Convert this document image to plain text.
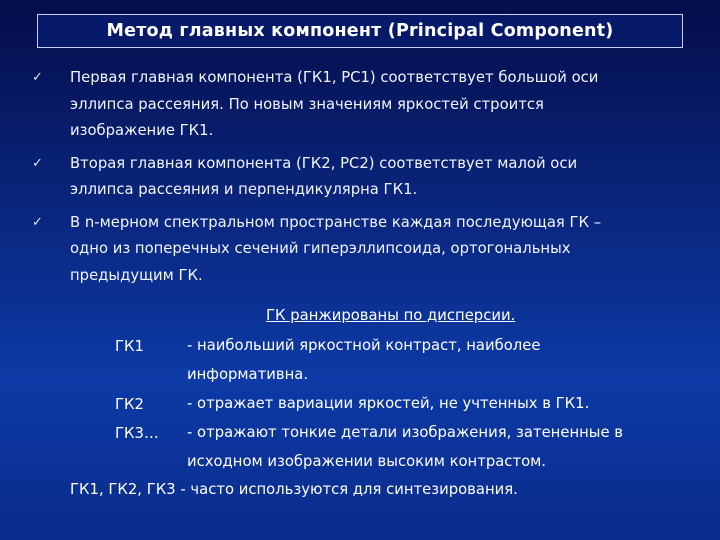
Метод главных компонент (Principal Component)
✓ Первая главная компонента (ГК1, PC1) соответствует большой оси
эллипса рассеяния. По новым значениям яркостей строится
изображение ГК1.
✓ Вторая главная компонента (ГК2, PC2) соответствует малой оси
эллипса рассеяния и перпендикулярна ГК1.
✓ В n-мерном спектральном пространстве каждая последующая ГК –
одно из поперечных сечений гиперэллипсоида, ортогональных
предыдущим ГК.
ГК ранжированы по дисперсии.
ГК1	- наибольший яркостной контраст, наиболее
информативна.
ГК2	- отражает вариации яркостей, не учтенных в ГК1.
ГК3… - отражают тонкие детали изображения, затененные в
исходном изображении высоким контрастом.
ГК1, ГК2, ГК3 - часто используются для синтезирования.
